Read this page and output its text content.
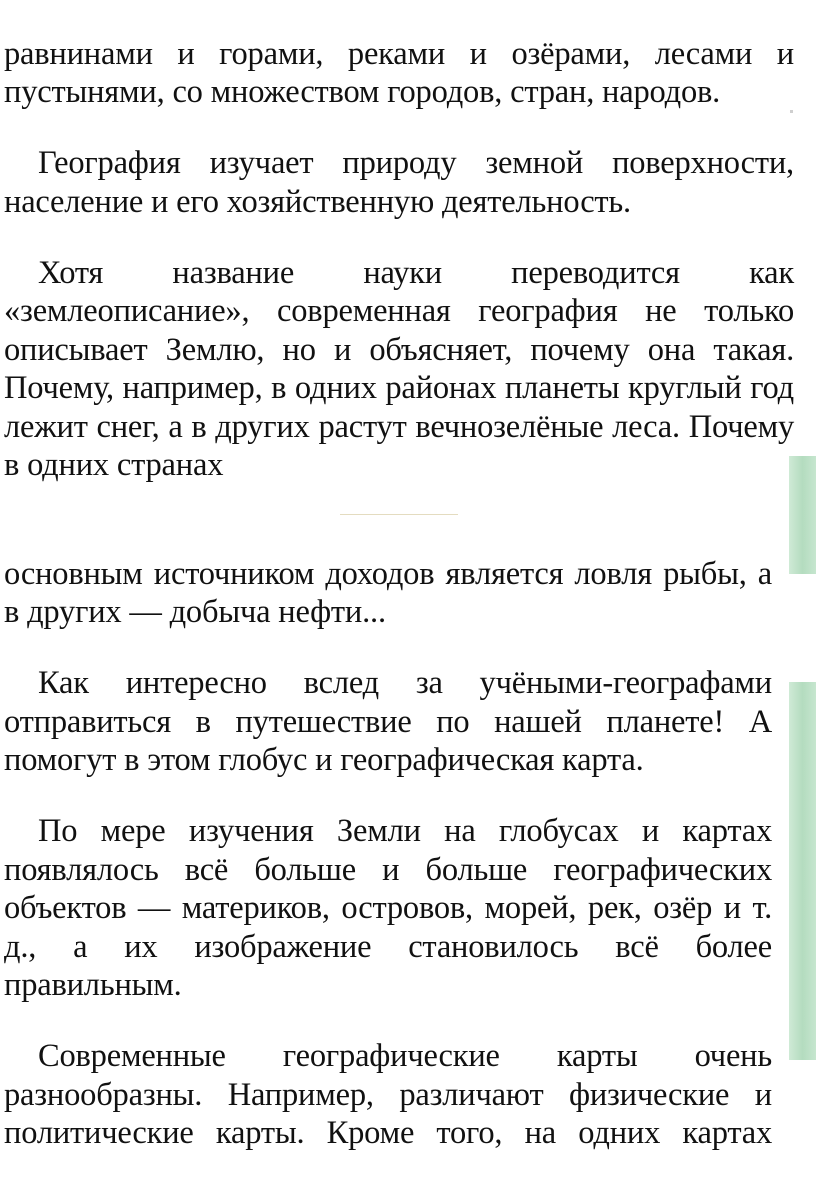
равнинами и горами, реками и озёрами, лесами и пустынями, со множеством городов, стран, народов.

География изучает природу земной поверхности, население и его хозяйственную деятельность.

Хотя название науки переводится как «землеописание», современная география не только описывает Землю, но и объясняет, почему она такая. Почему, например, в одних районах планеты круглый год лежит снег, а в других растут вечнозелёные леса. Почему в одних странах

основным источником доходов является ловля рыбы, а в других — добыча нефти...

Как интересно вслед за учёными-географами отправиться в путешествие по нашей планете! А помогут в этом глобус и географическая карта.

По мере изучения Земли на глобусах и картах появлялось всё больше и больше географических объектов — материков, островов, морей, рек, озёр и т. д., а их изображение становилось всё более правильным.

Современные географические карты очень разнообразны. Например, различают физические и политические карты. Кроме того, на одних картах
